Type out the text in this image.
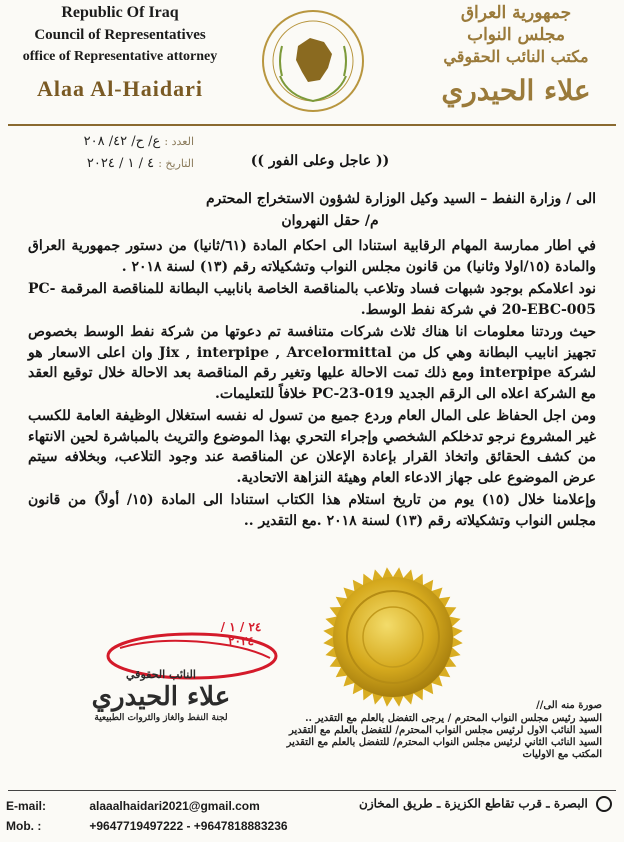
Republic Of Iraq
Council of Representatives
office of Representative attorney
Alaa Al-Haidari
جمهورية العراق
مجلس النواب
مكتب النائب الحقوقي
علاء الحيدري
العدد : ع/ ح/ ٤٢/ ٢٠٨
التاريخ : ٤ / ١ / ٢٠٢٤	(( عاجل وعلى الفور ))
الى / وزارة النفط – السيد وكيل الوزارة لشؤون الاستخراج المحترم
م/ حقل النهروان

في اطار ممارسة المهام الرقابية استنادا الى احكام المادة (٦١/ثانيا) من دستور جمهورية العراق والمادة (١٥/اولا وثانيا) من قانون مجلس النواب وتشكيلاته رقم (١٣) لسنة ٢٠١٨ .

نود اعلامكم بوجود شبهات فساد وتلاعب بالمناقصة الخاصة بانابيب البطانة للمناقصة المرقمة PC-20-EBC-005 في شركة نفط الوسط.

حيث وردتنا معلومات انا هناك ثلاث شركات متنافسة تم دعوتها من شركة نفط الوسط بخصوص تجهيز انابيب البطانة وهي كل من Jix , interpipe , Arcelormittal وان اعلى الاسعار هو لشركة interpipe ومع ذلك تمت الاحالة عليها وتغير رقم المناقصة بعد الاحالة خلال توقيع العقد مع الشركة اعلاه الى الرقم الجديد PC-23-019 خلافاً للتعليمات.

ومن اجل الحفاظ على المال العام وردع جميع من تسول له نفسه استغلال الوظيفة العامة للكسب غير المشروع نرجو تدخلكم الشخصي وإجراء التحري بهذا الموضوع والتريث بالمباشرة لحين الانتهاء من كشف الحقائق واتخاذ القرار بإعادة الإعلان عن المناقصة عند وجود التلاعب، وبخلافه سيتم عرض الموضوع على جهاز الادعاء العام وهيئة النزاهة الاتحادية.

وإعلامنا خلال (١٥) يوم من تاريخ استلام هذا الكتاب استنادا الى المادة (١٥/ أولاً) من قانون مجلس النواب وتشكيلاته رقم (١٣) لسنة ٢٠١٨ .مع التقدير ..

٢٤ / ١ / ٢٠٢٤
النائب الحقوقي
علاء الحيدري
لجنة النفط والغاز والثروات الطبيعية
صورة منه الى//
السيد رئيس مجلس النواب المحترم / يرجى التفضل بالعلم مع التقدير ..
السيد النائب الاول لرئيس مجلس النواب المحترم/ للتفضل بالعلم مع التقدير
السيد النائب الثاني لرئيس مجلس النواب المحترم/ للتفضل بالعلم مع التقدير
المكتب مع الاوليات
E-mail:	alaaalhaidari2021@gmail.com
Mob. :	+9647719497222 - +9647818883236
البصرة ـ قرب تقاطع الكزيزة ـ طريق المخازن
